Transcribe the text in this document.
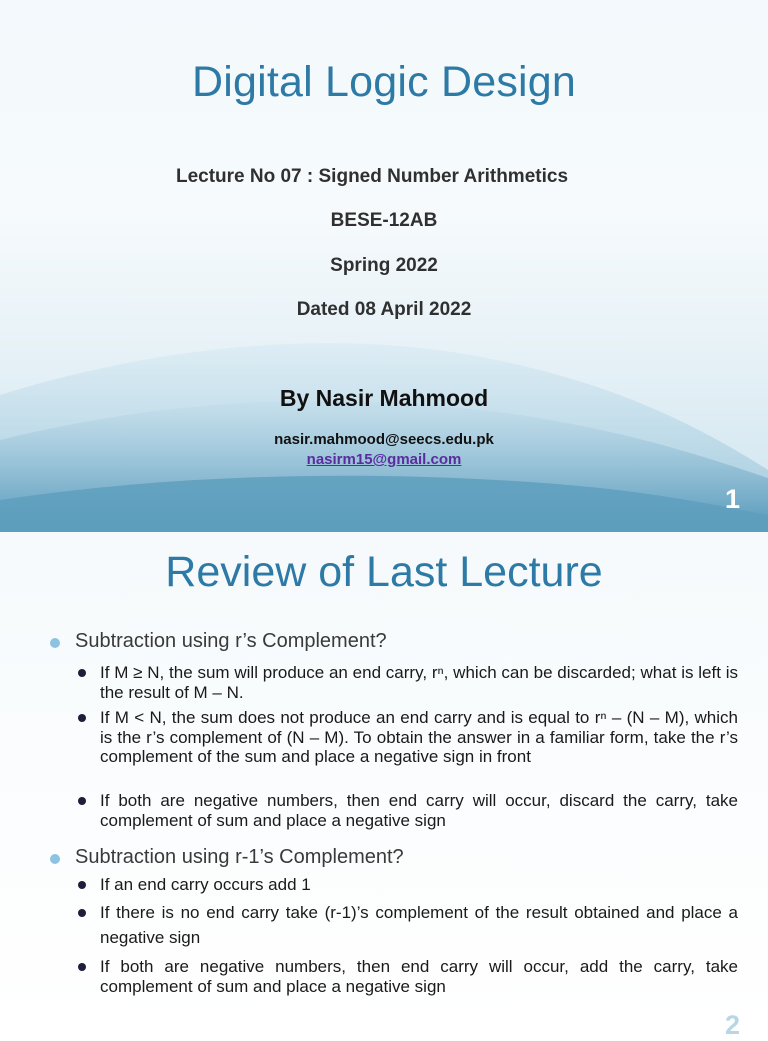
Digital Logic Design
Lecture No 07 : Signed Number Arithmetics
BESE-12AB
Spring 2022
Dated 08 April 2022
By Nasir Mahmood
nasir.mahmood@seecs.edu.pk
nasirm15@gmail.com
1
Review of Last Lecture
Subtraction using r’s Complement?
If M ≥ N, the sum will produce an end carry, rⁿ, which can be discarded; what is left is the result of M – N.
If M < N, the sum does not produce an end carry and is equal to rⁿ – (N – M), which is the r’s complement of (N – M). To obtain the answer in a familiar form, take the r’s complement of the sum and place a negative sign in front
If both are negative numbers, then end carry will occur, discard the carry, take complement of sum and place a negative sign
Subtraction using r-1’s Complement?
If an end carry occurs add 1
If there is no end carry take (r-1)’s complement of the result obtained and place a negative sign
If both are negative numbers, then end carry will occur, add the carry, take complement of sum and place a negative sign
2
